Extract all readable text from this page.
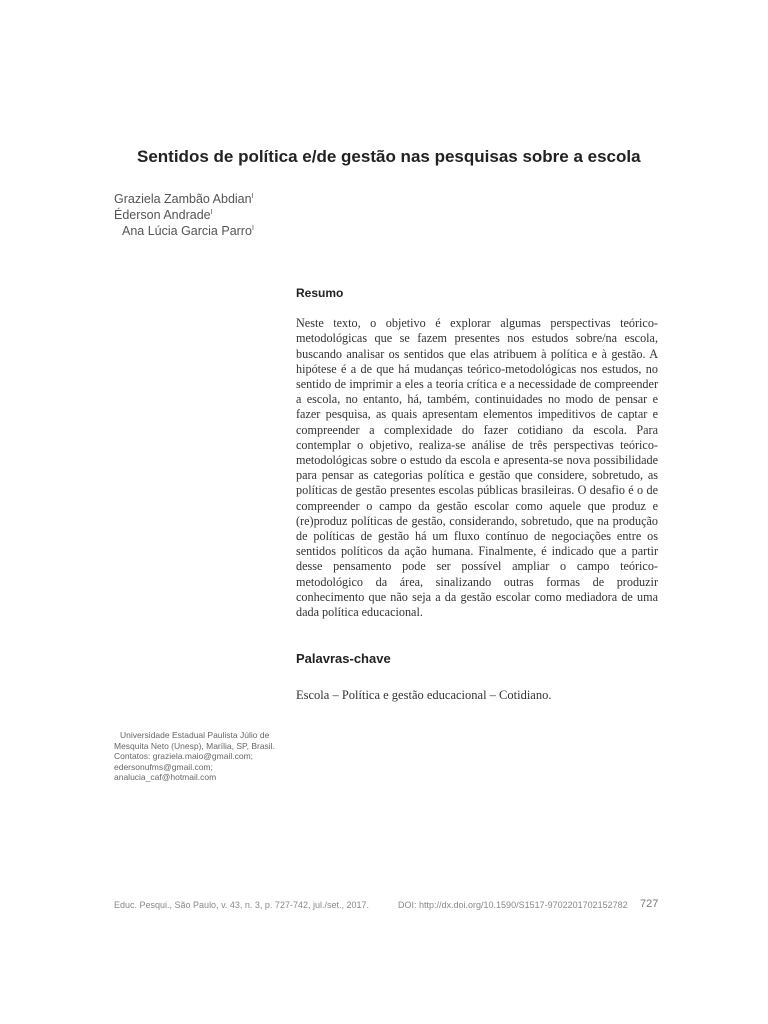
Sentidos de política e/de gestão nas pesquisas sobre a escola
Graziela Zambão Abdian$^I$
Éderson Andrade$^I$
Ana Lúcia Garcia Parro$^I$
Resumo

Neste texto, o objetivo é explorar algumas perspectivas teórico-metodológicas que se fazem presentes nos estudos sobre/na escola, buscando analisar os sentidos que elas atribuem à política e à gestão. A hipótese é a de que há mudanças teórico-metodológicas nos estudos, no sentido de imprimir a eles a teoria crítica e a necessidade de compreender a escola, no entanto, há, também, continuidades no modo de pensar e fazer pesquisa, as quais apresentam elementos impeditivos de captar e compreender a complexidade do fazer cotidiano da escola. Para contemplar o objetivo, realiza-se análise de três perspectivas teórico-metodológicas sobre o estudo da escola e apresenta-se nova possibilidade para pensar as categorias política e gestão que considere, sobretudo, as políticas de gestão presentes escolas públicas brasileiras. O desafio é o de compreender o campo da gestão escolar como aquele que produz e (re)produz políticas de gestão, considerando, sobretudo, que na produção de políticas de gestão há um fluxo contínuo de negociações entre os sentidos políticos da ação humana. Finalmente, é indicado que a partir desse pensamento pode ser possível ampliar o campo teórico-metodológico da área, sinalizando outras formas de produzir conhecimento que não seja a da gestão escolar como mediadora de uma dada política educacional.

Palavras-chave

Escola – Política e gestão educacional – Cotidiano.

Universidade Estadual Paulista Júlio de
Mesquita Neto (Unesp), Marília, SP, Brasil.
Contatos: graziela.maio@gmail.com;
edersonufms@gmail.com;
analucia_caf@hotmail.com
Educ. Pesqui., São Paulo, v. 43, n. 3, p. 727-742, jul./set., 2017.	DOI: http://dx.doi.org/10.1590/S1517-9702201702152782 727
